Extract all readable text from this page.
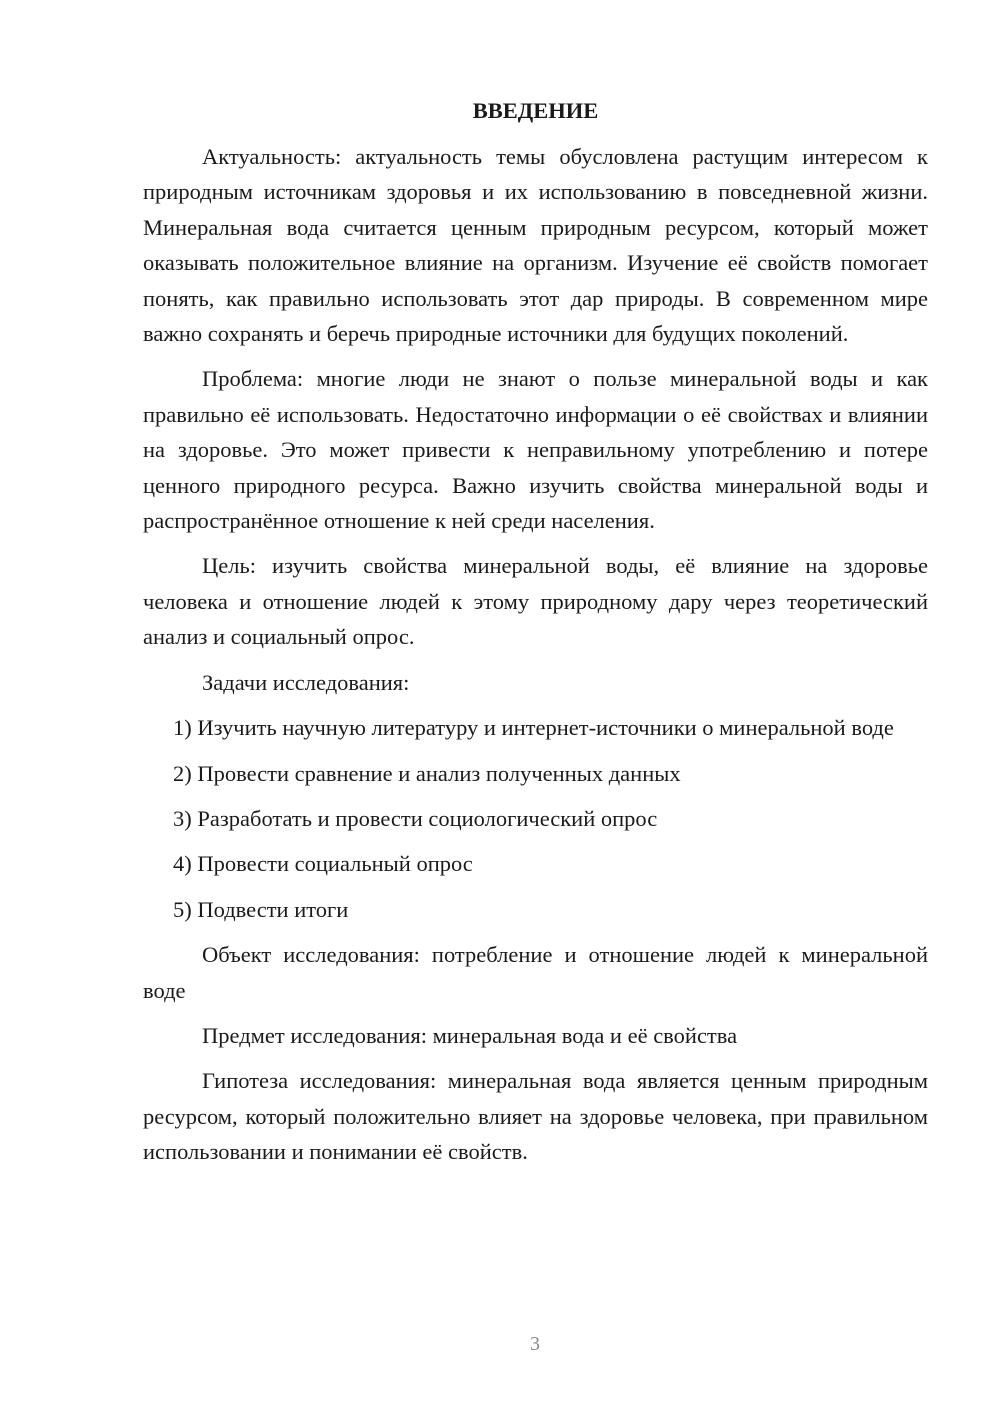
ВВЕДЕНИЕ

Актуальность: актуальность темы обусловлена растущим интересом к природным источникам здоровья и их использованию в повседневной жизни. Минеральная вода считается ценным природным ресурсом, который может оказывать положительное влияние на организм. Изучение её свойств помогает понять, как правильно использовать этот дар природы. В современном мире важно сохранять и беречь природные источники для будущих поколений.

Проблема: многие люди не знают о пользе минеральной воды и как правильно её использовать. Недостаточно информации о её свойствах и влиянии на здоровье. Это может привести к неправильному употреблению и потере ценного природного ресурса. Важно изучить свойства минеральной воды и распространённое отношение к ней среди населения.

Цель: изучить свойства минеральной воды, её влияние на здоровье человека и отношение людей к этому природному дару через теоретический анализ и социальный опрос.

Задачи исследования:

1) Изучить научную литературу и интернет-источники о минеральной воде

2) Провести сравнение и анализ полученных данных

3) Разработать и провести социологический опрос

4) Провести социальный опрос

5) Подвести итоги

Объект исследования: потребление и отношение людей к минеральной воде

Предмет исследования: минеральная вода и её свойства

Гипотеза исследования: минеральная вода является ценным природным ресурсом, который положительно влияет на здоровье человека, при правильном использовании и понимании её свойств.

3
